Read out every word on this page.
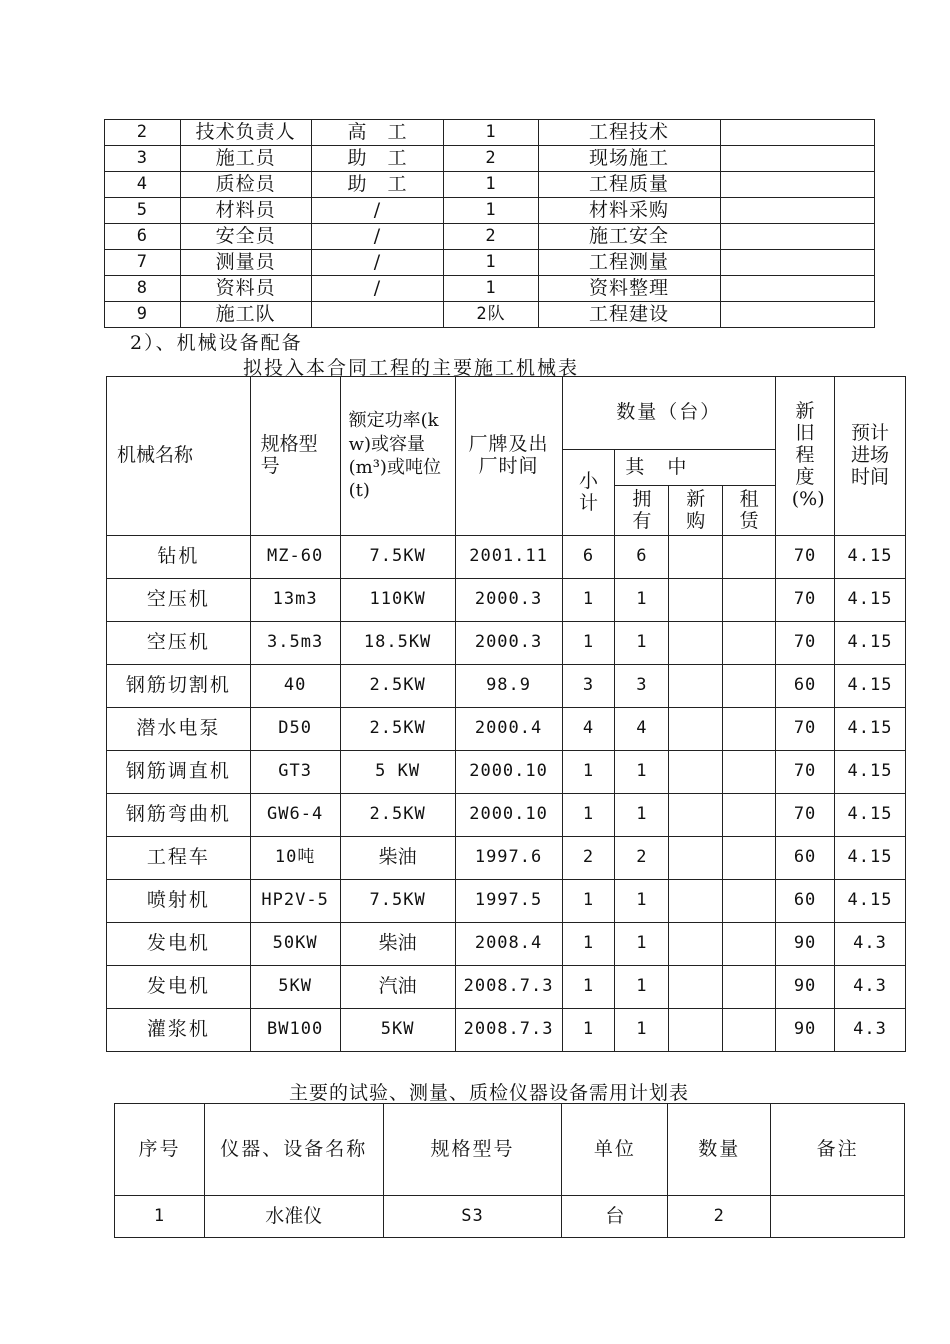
2	技术负责人	高　工	1	工程技术	
3	施工员	助　工	2	现场施工	
4	质检员	助　工	1	工程质量	
5	材料员	/	1	材料采购	
6	安全员	/	2	施工安全	
7	测量员	/	1	工程测量	
8	资料员	/	1	资料整理	
9	施工队		2队	工程建设	
2）、机械设备配备
拟投入本合同工程的主要施工机械表
机械名称	规格型号	额定功率(kw)或容量(m³)或吨位(t)	厂牌及出厂时间	数量（台）				新旧程度(%)	预计进场时间
				小计	其　中				
					拥有	新购	租赁		
钻机	MZ-60	7.5KW	2001.11	6	6			70	4.15
空压机	13m3	110KW	2000.3	1	1			70	4.15
空压机	3.5m3	18.5KW	2000.3	1	1			70	4.15
钢筋切割机	40	2.5KW	98.9	3	3			60	4.15
潜水电泵	D50	2.5KW	2000.4	4	4			70	4.15
钢筋调直机	GT3	5 KW	2000.10	1	1			70	4.15
钢筋弯曲机	GW6-4	2.5KW	2000.10	1	1			70	4.15
工程车	10吨	柴油	1997.6	2	2			60	4.15
喷射机	HP2V-5	7.5KW	1997.5	1	1			60	4.15
发电机	50KW	柴油	2008.4	1	1			90	4.3
发电机	5KW	汽油	2008.7.3	1	1			90	4.3
灌浆机	BW100	5KW	2008.7.3	1	1			90	4.3
主要的试验、测量、质检仪器设备需用计划表
序号	仪器、设备名称	规格型号	单位	数量	备注
1	水准仪	S3	台	2	
